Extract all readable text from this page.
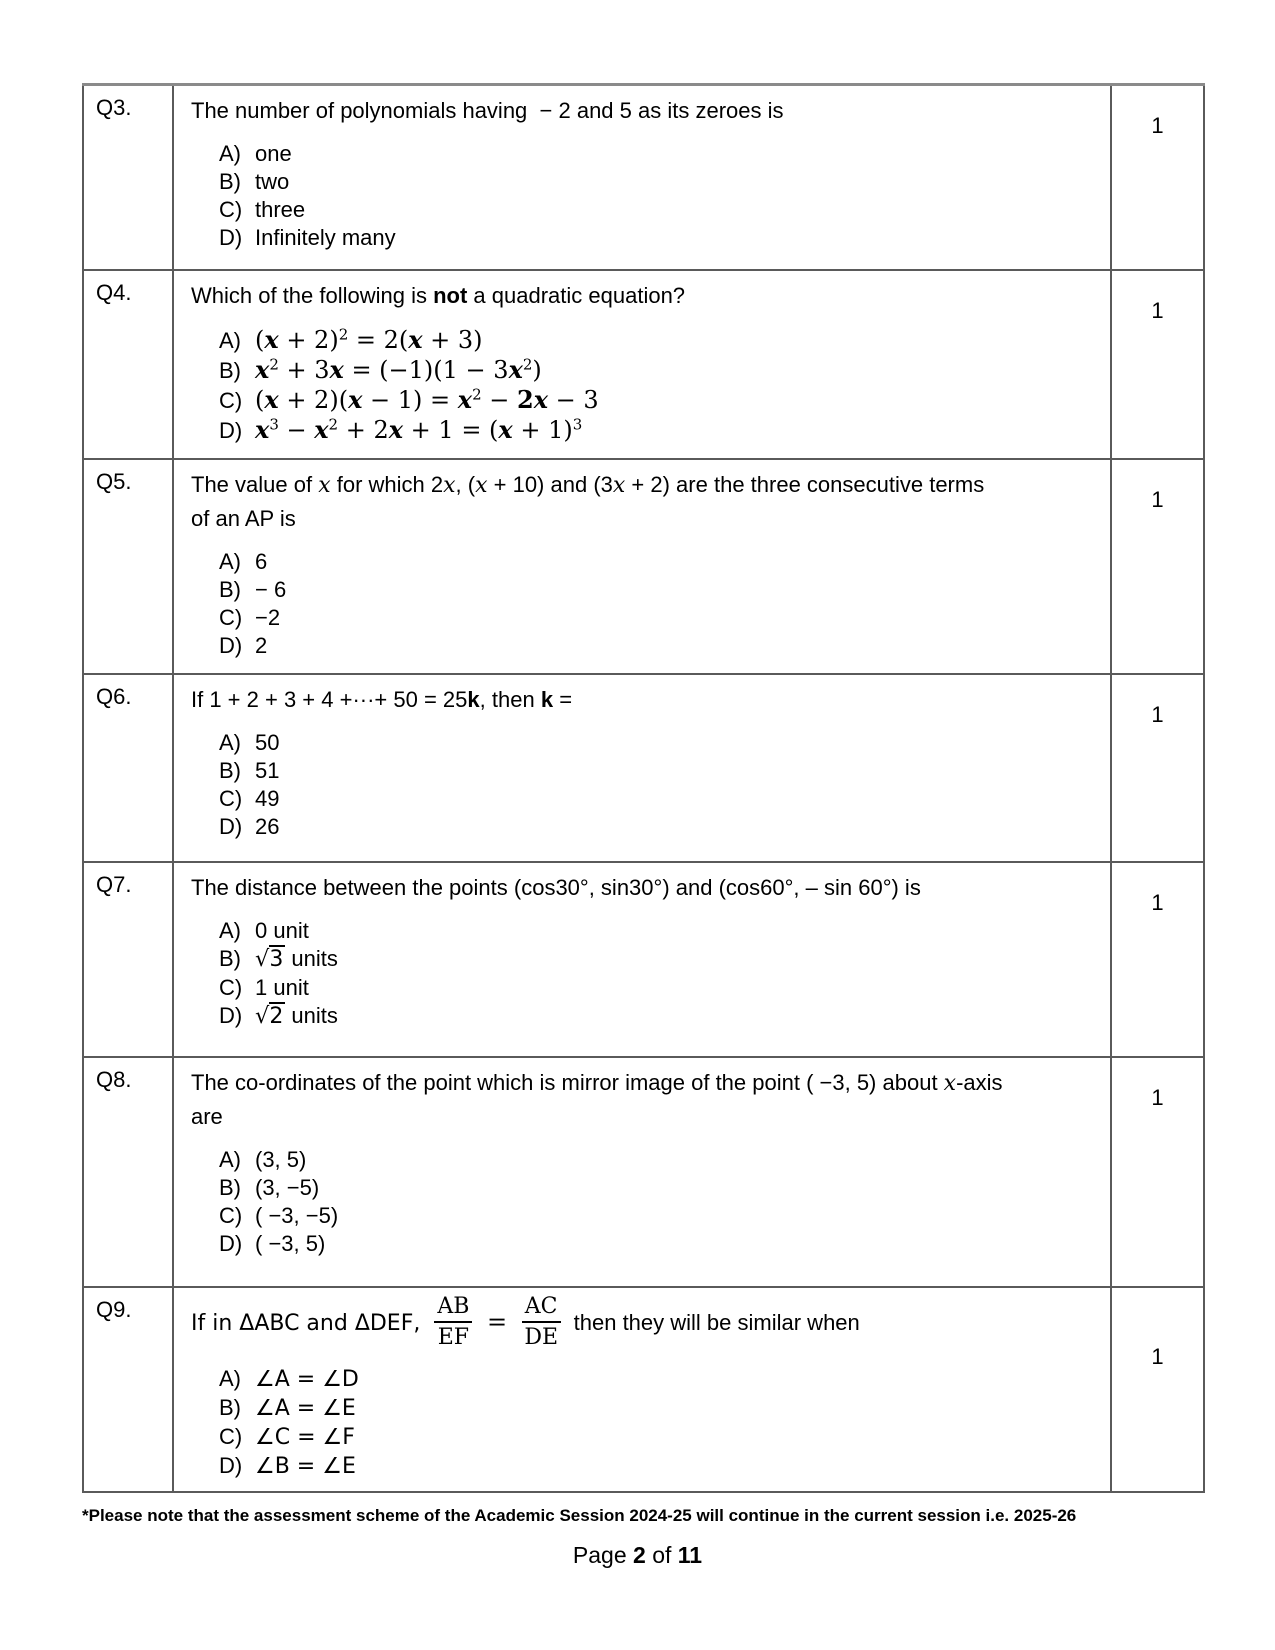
Q3.	The number of polynomials having  − 2 and 5 as its zeroes is
A) one
B) two
C) three
D) Infinitely many	1
Q4.	Which of the following is not a quadratic equation?
A) $(x + 2)^2 = 2(x + 3)$
B) $x^2 + 3x = (-1)(1 - 3x^2)$
C) $(x + 2)(x - 1) = x^2 - 2x - 3$
D) $x^3 - x^2 + 2x + 1 = (x + 1)^3$	1
Q5.	The value of x for which 2x, (x + 10) and (3x + 2) are the three consecutive terms
of an AP is
A) 6
B) − 6
C) −2
D) 2
	1
Q6.	If 1 + 2 + 3 + 4 +···+ 50 = 25k, then k =
A) 50
B) 51
C) 49
D) 26	1
Q7.	The distance between the points (cos30°, sin30°) and (cos60°, – sin 60°) is
A) 0 unit
B) √3 units
C) 1 unit
D) √2 units	1
Q8.	The co-ordinates of the point which is mirror image of the point ( −3, 5) about x-axis
are
A) (3, 5)
B) (3, −5)
C) ( −3, −5)
D) ( −3, 5)
	1
Q9.	
If in ΔABC and ΔDEF, $\frac{AB}{EF} = \frac{AC}{DE}$ then they will be similar when
A) ∠A = ∠D
B) ∠A = ∠E
C) ∠C = ∠F
D) ∠B = ∠E
	1
*Please note that the assessment scheme of the Academic Session 2024-25 will continue in the current session i.e. 2025-26
Page 2 of 11
